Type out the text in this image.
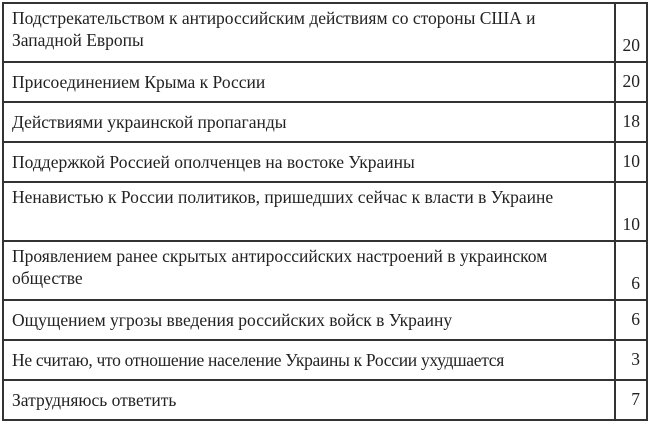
Подстрекательством к антироссийским действиям со стороны США и Западной Европы	20
Присоединением Крыма к России	20
Действиями украинской пропаганды	18
Поддержкой Россией ополченцев на востоке Украины	10
Ненавистью к России политиков, пришедших сейчас к власти в Украине	10
Проявлением ранее скрытых антироссийских настроений в украинском обществе	6
Ощущением угрозы введения российских войск в Украину	6
Не считаю, что отношение население Украины к России ухудшается	3
Затрудняюсь ответить	7
